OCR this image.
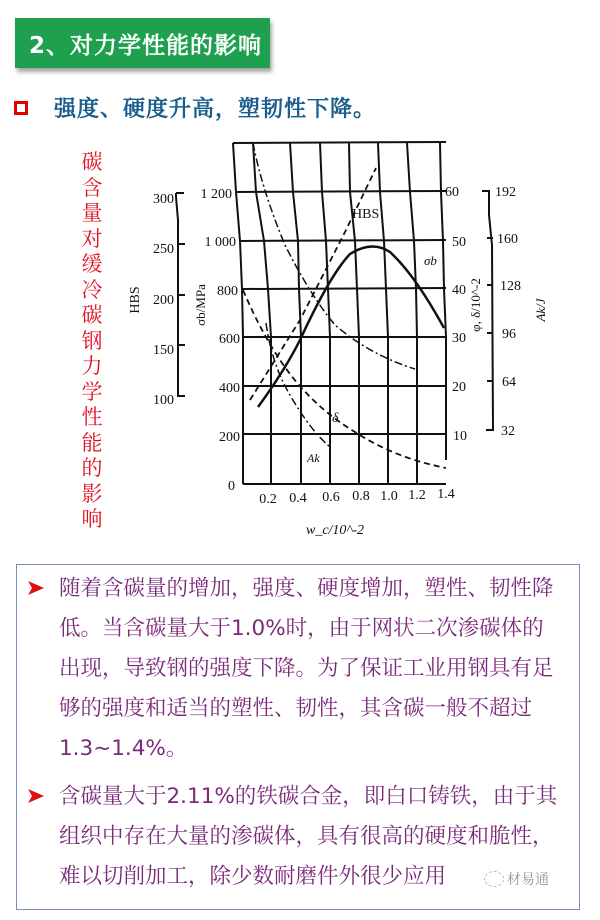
2、对力学性能的影响
强度、硬度升高，塑韧性下降。
碳
含
量
对
缓
冷
碳
钢
力
学
性
能
的
影
响
300
250
200
150
100
HBS
0
200
400
600
800
1 000
1 200
σb/MPa
60
50
40
30
20
10
φ, δ/10^-2
192
160
128
96
64
32
Ak/J
0.2 0.4 0.6 0.8 1.0 1.2 1.4
w_c/10^-2
HBS
σb
δ
Ak
随着含碳量的增加，强度、硬度增加，塑性、韧性降低。当含碳量大于1.0%时，由于网状二次渗碳体的出现，导致钢的强度下降。为了保证工业用钢具有足够的强度和适当的塑性、韧性，其含碳一般不超过1.3~1.4%。
含碳量大于2.11%的铁碳合金，即白口铸铁，由于其组织中存在大量的渗碳体，具有很高的硬度和脆性，难以切削加工，除少数耐磨件外很少应用	材易通
